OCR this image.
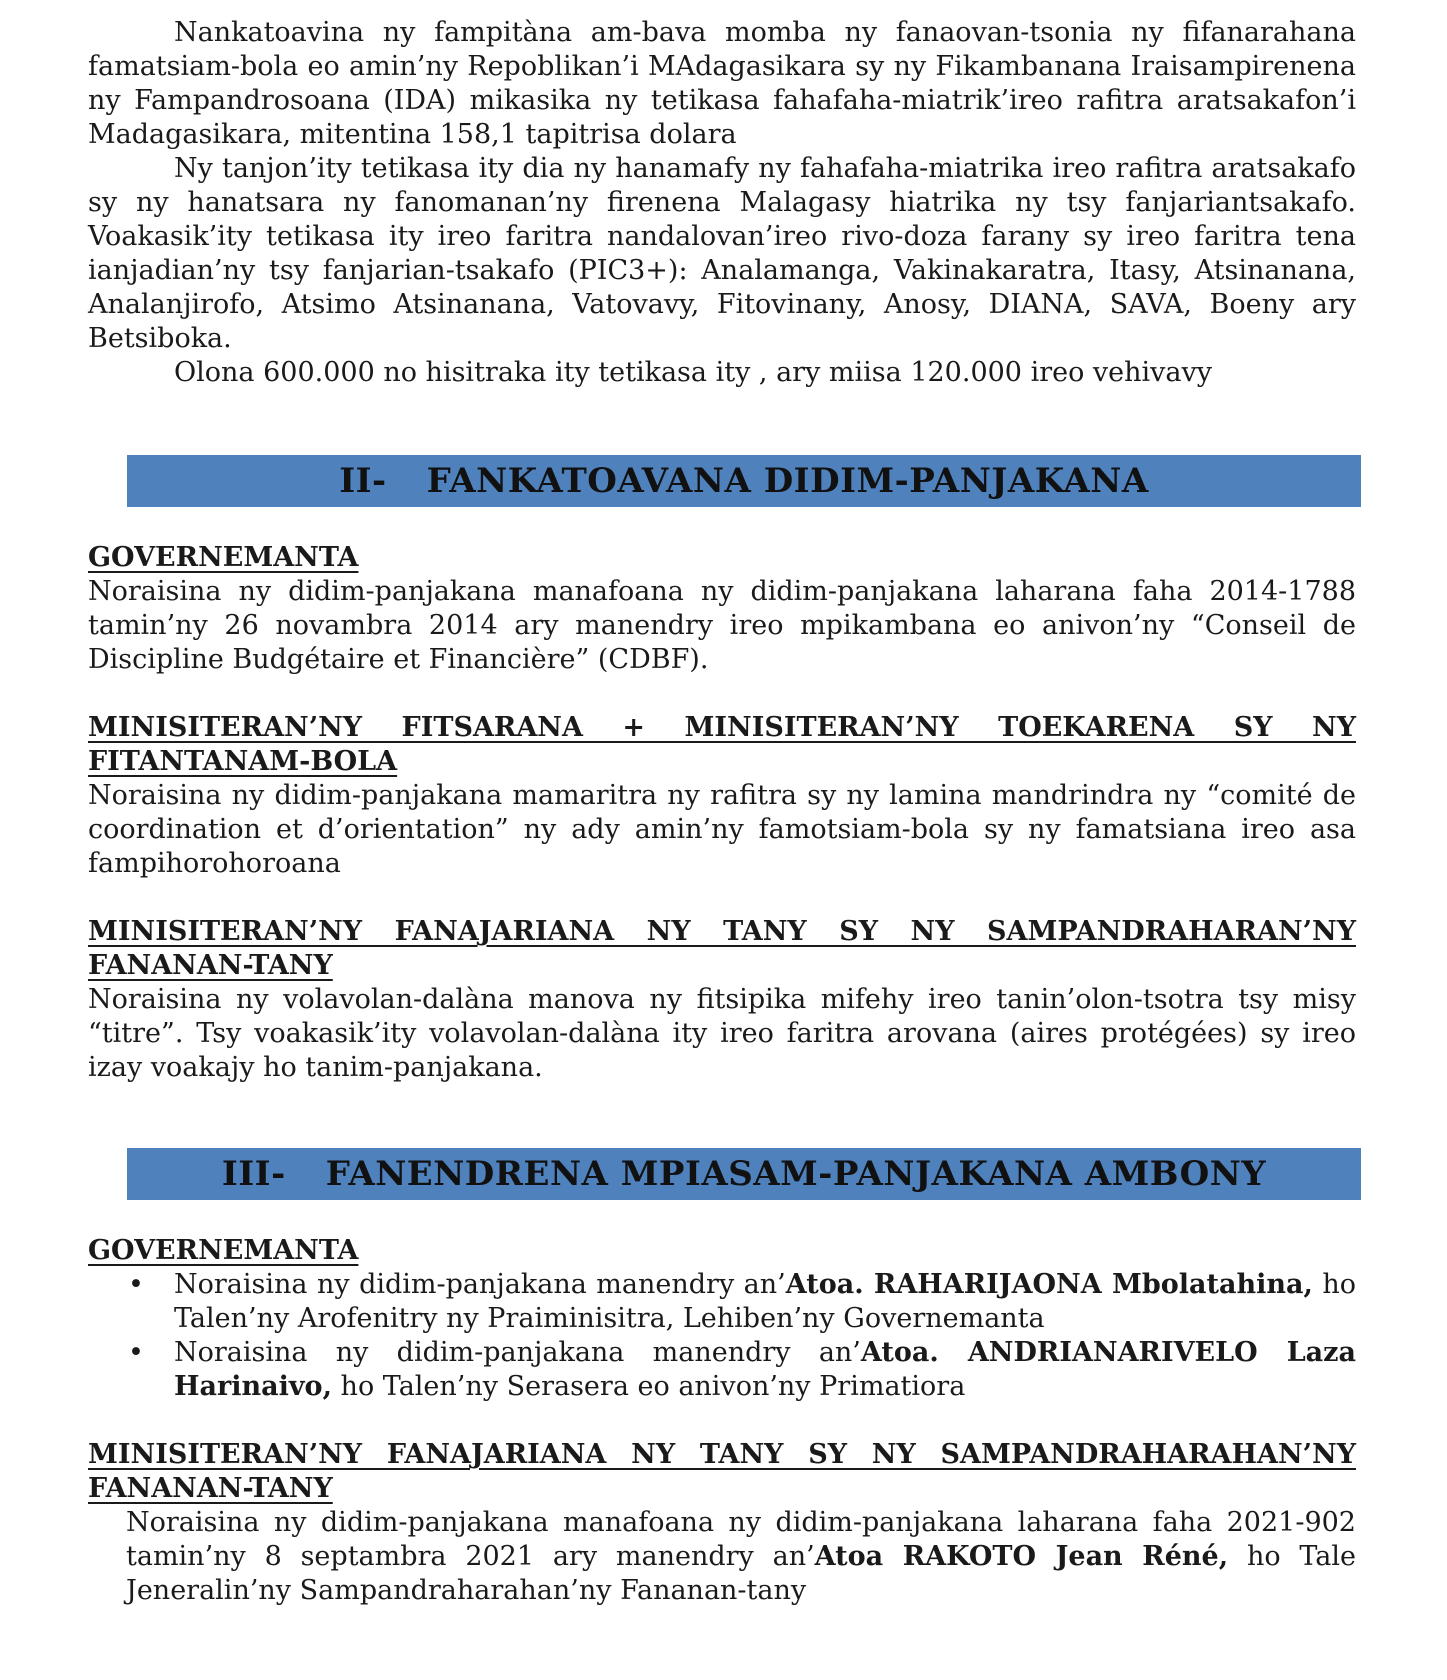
Nankatoavina ny fampitàna am-bava momba ny fanaovan-tsonia ny fifanarahana famatsiam-bola eo amin’ny Repoblikan’i MAdagasikara sy ny Fikambanana Iraisampirenena ny Fampandrosoana (IDA) mikasika ny tetikasa fahafaha-miatrik’ireo rafitra aratsakafon’i Madagasikara, mitentina 158,1 tapitrisa dolara

Ny tanjon’ity tetikasa ity dia ny hanamafy ny fahafaha-miatrika ireo rafitra aratsakafo sy ny hanatsara ny fanomanan’ny firenena Malagasy hiatrika ny tsy fanjariantsakafo. Voakasik’ity tetikasa ity ireo faritra nandalovan’ireo rivo-doza farany sy ireo faritra tena ianjadian’ny tsy fanjarian-tsakafo (PIC3+): Analamanga, Vakinakaratra, Itasy, Atsinanana, Analanjirofo, Atsimo Atsinanana, Vatovavy, Fitovinany, Anosy, DIANA, SAVA, Boeny ary Betsiboka.

Olona 600.000 no hisitraka ity tetikasa ity , ary miisa 120.000 ireo vehivavy

II- FANKATOAVANA DIDIM-PANJAKANA

GOVERNEMANTA

Noraisina ny didim-panjakana manafoana ny didim-panjakana laharana faha 2014-1788 tamin’ny 26 novambra 2014 ary manendry ireo mpikambana eo anivon’ny “Conseil de Discipline Budgétaire et Financière” (CDBF).

MINISITERAN’NY FITSARANA + MINISITERAN’NY TOEKARENA SY NY FITANTANAM-BOLA

Noraisina ny didim-panjakana mamaritra ny rafitra sy ny lamina mandrindra ny “comité de coordination et d’orientation” ny ady amin’ny famotsiam-bola sy ny famatsiana ireo asa fampihorohoroana

MINISITERAN’NY FANAJARIANA NY TANY SY NY SAMPANDRAHARAN’NY FANANAN-TANY

Noraisina ny volavolan-dalàna manova ny fitsipika mifehy ireo tanin’olon-tsotra tsy misy “titre”. Tsy voakasik’ity volavolan-dalàna ity ireo faritra arovana (aires protégées) sy ireo izay voakajy ho tanim-panjakana.

III- FANENDRENA MPIASAM-PANJAKANA AMBONY

GOVERNEMANTA

• Noraisina ny didim-panjakana manendry an’Atoa. RAHARIJAONA Mbolatahina, ho Talen’ny Arofenitry ny Praiminisitra, Lehiben’ny Governemanta
• Noraisina ny didim-panjakana manendry an’Atoa. ANDRIANARIVELO Laza Harinaivo, ho Talen’ny Serasera eo anivon’ny Primatiora

MINISITERAN’NY FANAJARIANA NY TANY SY NY SAMPANDRAHARAHAN’NY FANANAN-TANY

Noraisina ny didim-panjakana manafoana ny didim-panjakana laharana faha 2021-902 tamin’ny 8 septambra 2021 ary manendry an’Atoa RAKOTO Jean Réné, ho Tale Jeneralin’ny Sampandraharahan’ny Fananan-tany
